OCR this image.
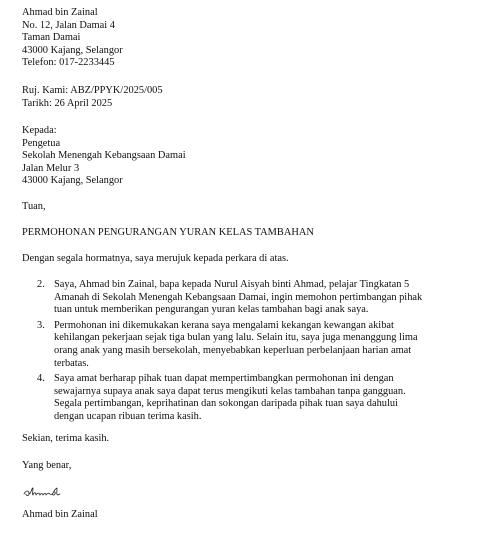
Ahmad bin Zainal
No. 12, Jalan Damai 4
Taman Damai
43000 Kajang, Selangor
Telefon: 017-2233445
Ruj. Kami: ABZ/PPYK/2025/005
Tarikh: 26 April 2025
Kepada:
Pengetua
Sekolah Menengah Kebangsaan Damai
Jalan Melur 3
43000 Kajang, Selangor
Tuan,
PERMOHONAN PENGURANGAN YURAN KELAS TAMBAHAN
Dengan segala hormatnya, saya merujuk kepada perkara di atas.
2. Saya, Ahmad bin Zainal, bapa kepada Nurul Aisyah binti Ahmad, pelajar Tingkatan 5
Amanah di Sekolah Menengah Kebangsaan Damai, ingin memohon pertimbangan pihak
tuan untuk memberikan pengurangan yuran kelas tambahan bagi anak saya.
3. Permohonan ini dikemukakan kerana saya mengalami kekangan kewangan akibat
kehilangan pekerjaan sejak tiga bulan yang lalu. Selain itu, saya juga menanggung lima
orang anak yang masih bersekolah, menyebabkan keperluan perbelanjaan harian amat
terbatas.
4. Saya amat berharap pihak tuan dapat mempertimbangkan permohonan ini dengan
sewajarnya supaya anak saya dapat terus mengikuti kelas tambahan tanpa gangguan.
Segala pertimbangan, keprihatinan dan sokongan daripada pihak tuan saya dahului
dengan ucapan ribuan terima kasih.
Sekian, terima kasih.
Yang benar,
Ahmad bin Zainal
